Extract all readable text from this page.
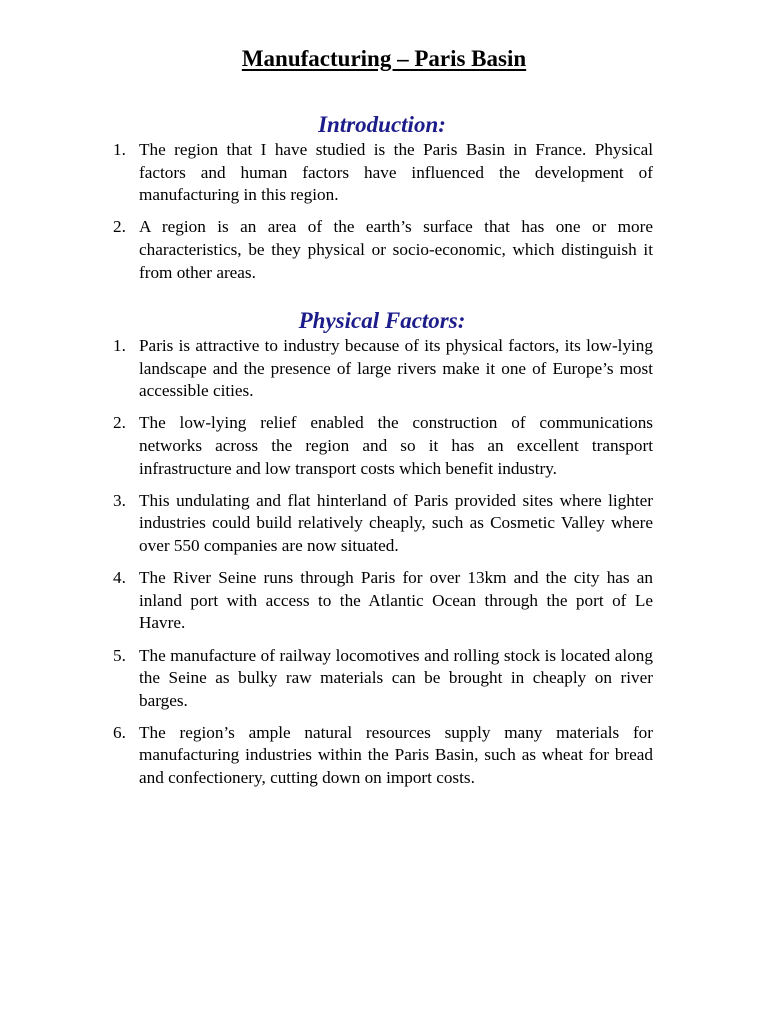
Manufacturing – Paris Basin
Introduction:
1. The region that I have studied is the Paris Basin in France. Physical factors and human factors have influenced the development of manufacturing in this region.
2. A region is an area of the earth’s surface that has one or more characteristics, be they physical or socio-economic, which distinguish it from other areas.
Physical Factors:
1. Paris is attractive to industry because of its physical factors, its low-lying landscape and the presence of large rivers make it one of Europe’s most accessible cities.
2. The low-lying relief enabled the construction of communications networks across the region and so it has an excellent transport infrastructure and low transport costs which benefit industry.
3. This undulating and flat hinterland of Paris provided sites where lighter industries could build relatively cheaply, such as Cosmetic Valley where over 550 companies are now situated.
4. The River Seine runs through Paris for over 13km and the city has an inland port with access to the Atlantic Ocean through the port of Le Havre.
5. The manufacture of railway locomotives and rolling stock is located along the Seine as bulky raw materials can be brought in cheaply on river barges.
6. The region’s ample natural resources supply many materials for manufacturing industries within the Paris Basin, such as wheat for bread and confectionery, cutting down on import costs.
